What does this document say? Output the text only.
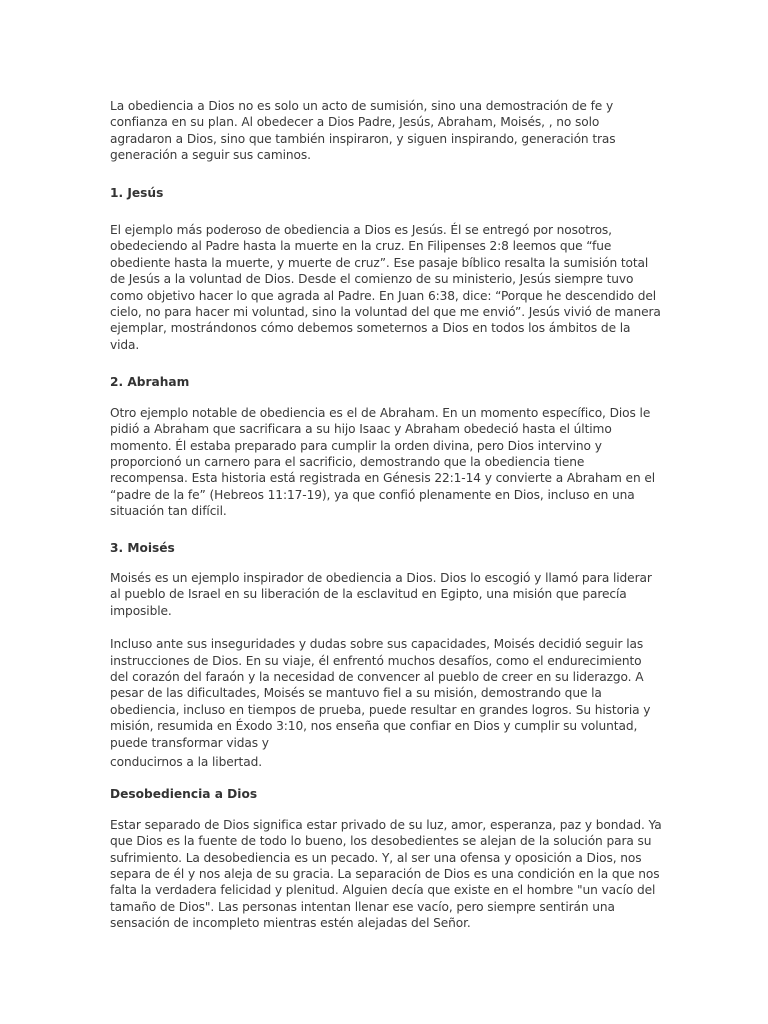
La obediencia a Dios no es solo un acto de sumisión, sino una demostración de fe y confianza en su plan. Al obedecer a Dios Padre, Jesús, Abraham, Moisés, , no solo agradaron a Dios, sino que también inspiraron, y siguen inspirando, generación tras generación a seguir sus caminos.

1. Jesús

El ejemplo más poderoso de obediencia a Dios es Jesús. Él se entregó por nosotros, obedeciendo al Padre hasta la muerte en la cruz. En Filipenses 2:8 leemos que “fue obediente hasta la muerte, y muerte de cruz”. Ese pasaje bíblico resalta la sumisión total de Jesús a la voluntad de Dios. Desde el comienzo de su ministerio, Jesús siempre tuvo como objetivo hacer lo que agrada al Padre. En Juan 6:38, dice: “Porque he descendido del cielo, no para hacer mi voluntad, sino la voluntad del que me envió”. Jesús vivió de manera ejemplar, mostrándonos cómo debemos someternos a Dios en todos los ámbitos de la vida.

2. Abraham

Otro ejemplo notable de obediencia es el de Abraham. En un momento específico, Dios le pidió a Abraham que sacrificara a su hijo Isaac y Abraham obedeció hasta el último momento. Él estaba preparado para cumplir la orden divina, pero Dios intervino y proporcionó un carnero para el sacrificio, demostrando que la obediencia tiene recompensa. Esta historia está registrada en Génesis 22:1-14 y convierte a Abraham en el “padre de la fe” (Hebreos 11:17-19), ya que confió plenamente en Dios, incluso en una situación tan difícil.

3. Moisés

Moisés es un ejemplo inspirador de obediencia a Dios. Dios lo escogió y llamó para liderar al pueblo de Israel en su liberación de la esclavitud en Egipto, una misión que parecía imposible.

Incluso ante sus inseguridades y dudas sobre sus capacidades, Moisés decidió seguir las instrucciones de Dios. En su viaje, él enfrentó muchos desafíos, como el endurecimiento del corazón del faraón y la necesidad de convencer al pueblo de creer en su liderazgo. A pesar de las dificultades, Moisés se mantuvo fiel a su misión, demostrando que la obediencia, incluso en tiempos de prueba, puede resultar en grandes logros. Su historia y misión, resumida en Éxodo 3:10, nos enseña que confiar en Dios y cumplir su voluntad, puede transformar vidas y

conducirnos a la libertad.

Desobediencia a Dios

Estar separado de Dios significa estar privado de su luz, amor, esperanza, paz y bondad. Ya que Dios es la fuente de todo lo bueno, los desobedientes se alejan de la solución para su sufrimiento. La desobediencia es un pecado. Y, al ser una ofensa y oposición a Dios, nos separa de él y nos aleja de su gracia. La separación de Dios es una condición en la que nos falta la verdadera felicidad y plenitud. Alguien decía que existe en el hombre "un vacío del tamaño de Dios". Las personas intentan llenar ese vacío, pero siempre sentirán una sensación de incompleto mientras estén alejadas del Señor.
